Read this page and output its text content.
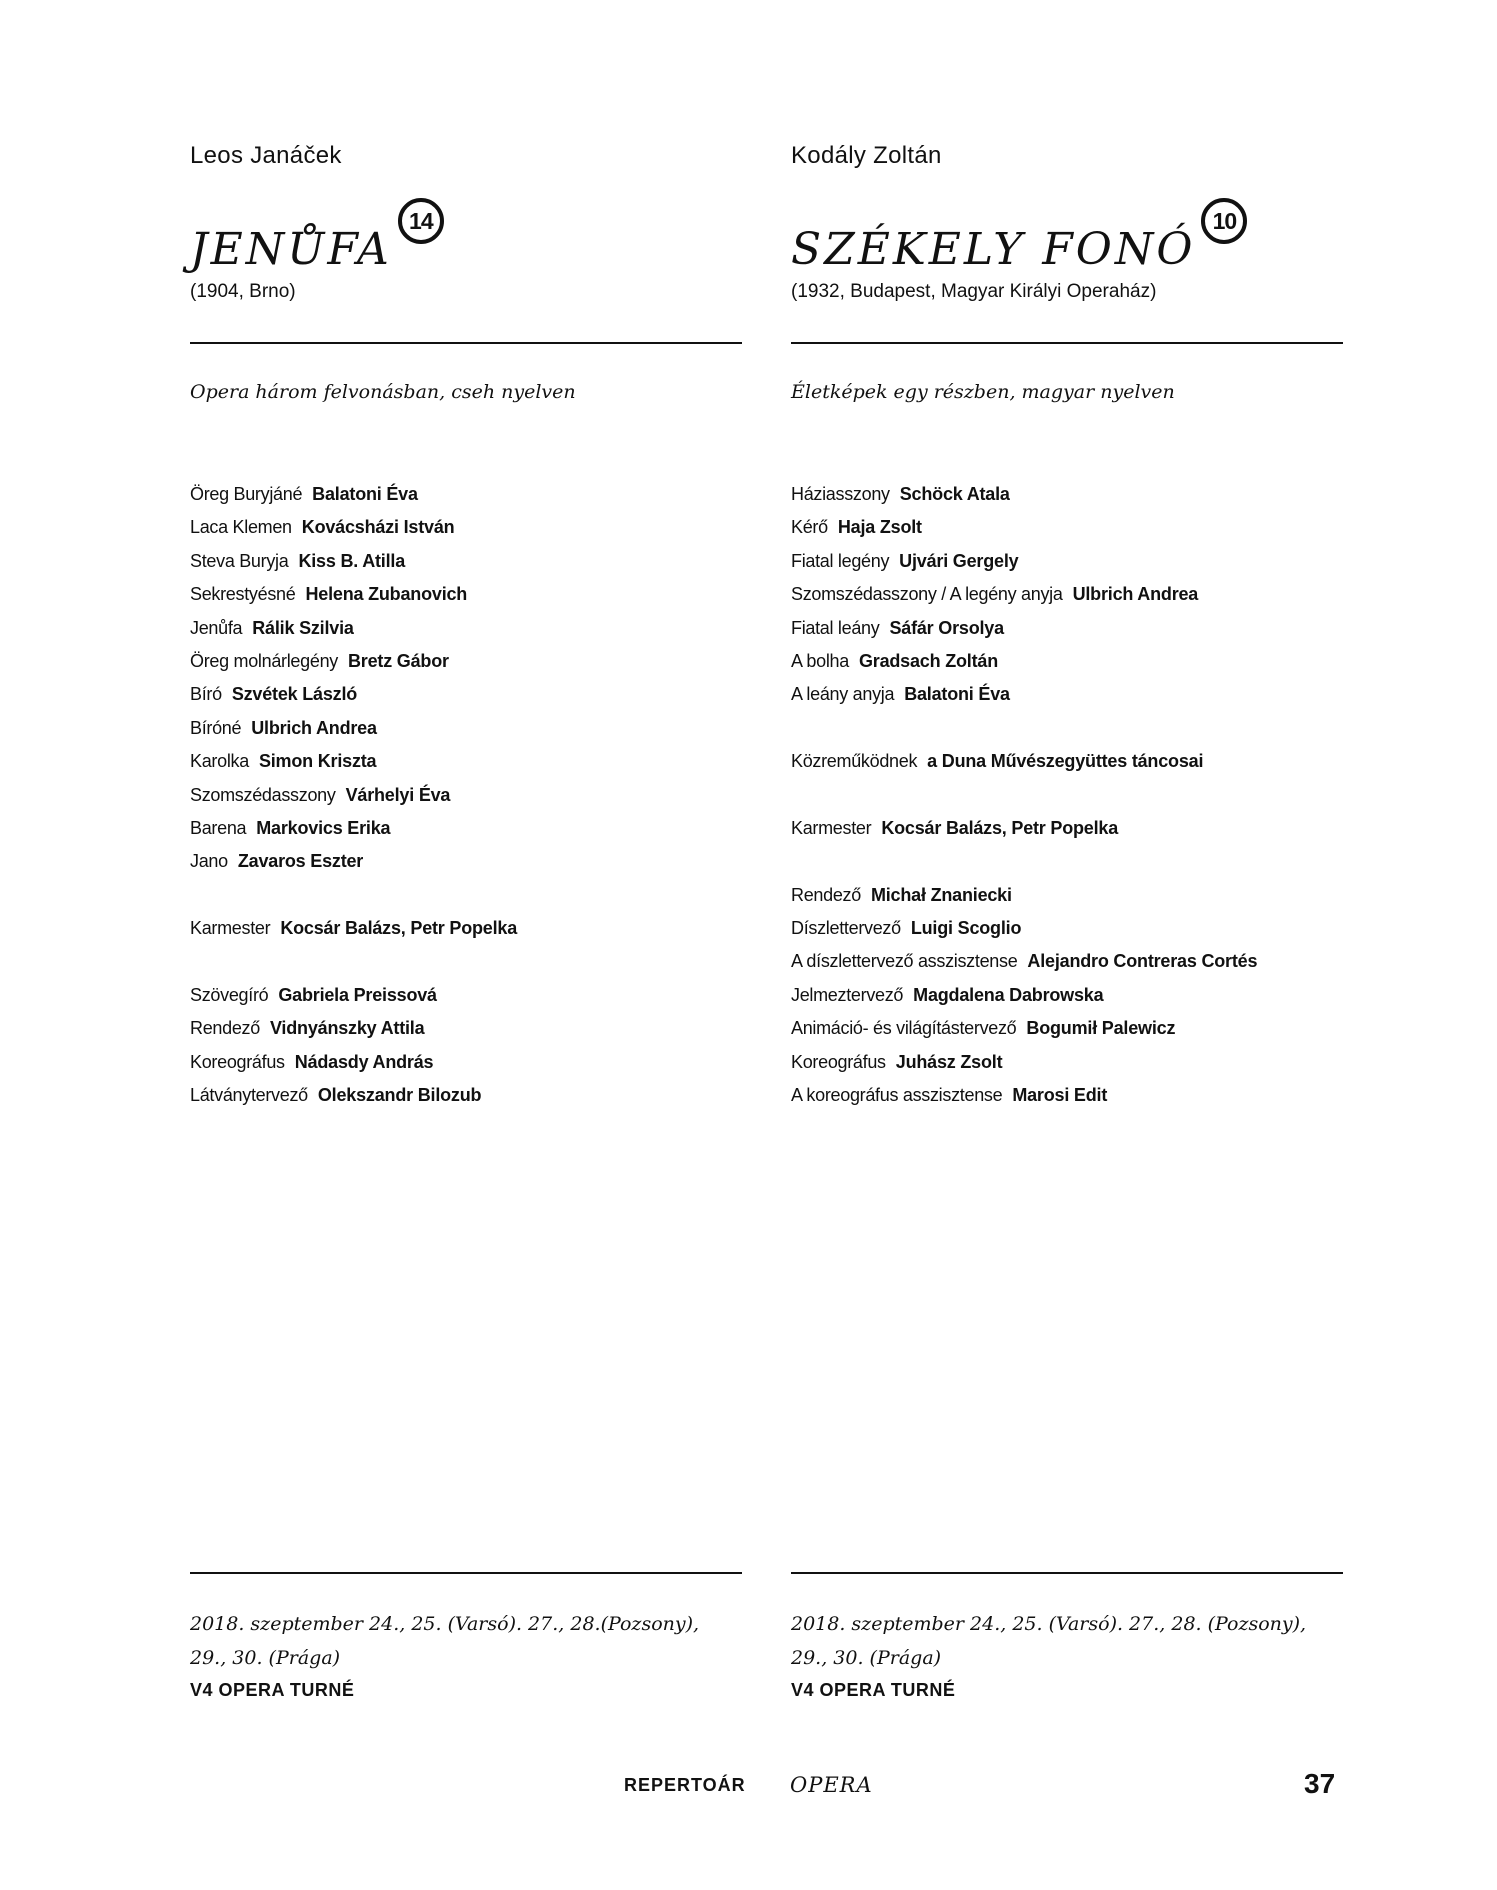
Leos Janáček
JENŮFA
14
(1904, Brno)
Opera három felvonásban, cseh nyelven
Öreg Buryjáné Balatoni Éva
Laca Klemen Kovácsházi István
Steva Buryja Kiss B. Atilla
Sekrestyésné Helena Zubanovich
Jenůfa Rálik Szilvia
Öreg molnárlegény Bretz Gábor
Bíró Szvétek László
Bíróné Ulbrich Andrea
Karolka Simon Kriszta
Szomszédasszony Várhelyi Éva
Barena Markovics Erika
Jano Zavaros Eszter
Karmester Kocsár Balázs, Petr Popelka
Szövegíró Gabriela Preissová
Rendező Vidnyánszky Attila
Koreográfus Nádasdy András
Látványtervező Olekszandr Bilozub
2018. szeptember 24., 25. (Varsó). 27., 28.(Pozsony),
29., 30. (Prága)
V4 OPERA TURNÉ
Kodály Zoltán
SZÉKELY FONÓ
10
(1932, Budapest, Magyar Királyi Operaház)
Életképek egy részben, magyar nyelven
Háziasszony Schöck Atala
Kérő Haja Zsolt
Fiatal legény Ujvári Gergely
Szomszédasszony / A legény anyja Ulbrich Andrea
Fiatal leány Sáfár Orsolya
A bolha Gradsach Zoltán
A leány anyja Balatoni Éva
Közreműködnek a Duna Művészegyüttes táncosai
Karmester Kocsár Balázs, Petr Popelka
Rendező Michał Znaniecki
Díszlettervező Luigi Scoglio
A díszlettervező asszisztense Alejandro Contreras Cortés
Jelmeztervező Magdalena Dabrowska
Animáció- és világítástervező Bogumił Palewicz
Koreográfus Juhász Zsolt
A koreográfus asszisztense Marosi Edit
2018. szeptember 24., 25. (Varsó). 27., 28. (Pozsony),
29., 30. (Prága)
V4 OPERA TURNÉ
REPERTOÁR OPERA	37
